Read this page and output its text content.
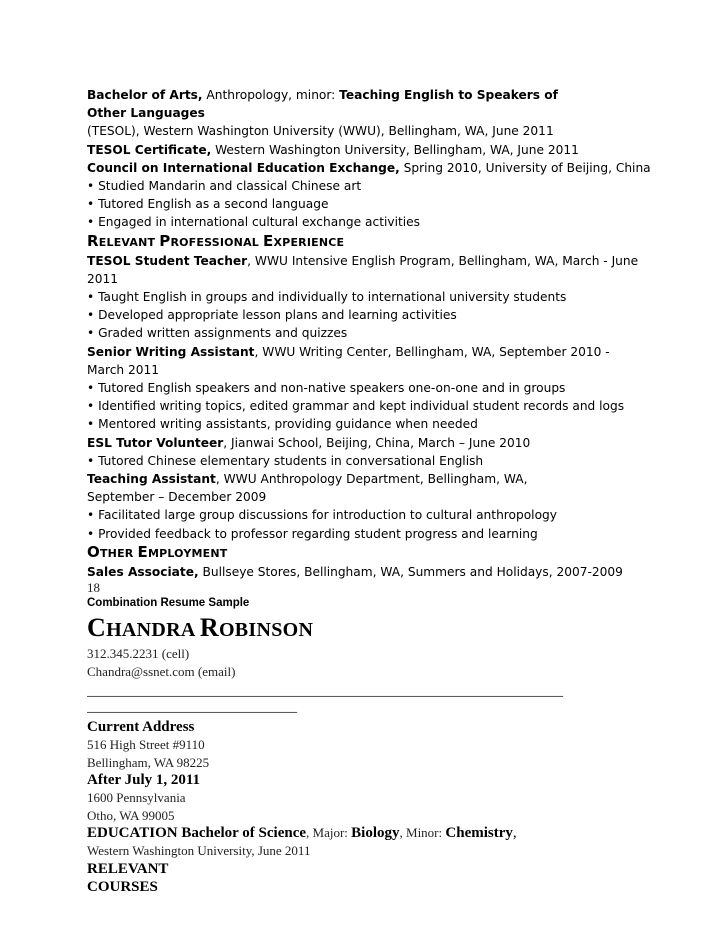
Bachelor of Arts, Anthropology, minor: Teaching English to Speakers of Other Languages
(TESOL), Western Washington University (WWU), Bellingham, WA, June 2011
TESOL Certificate, Western Washington University, Bellingham, WA, June 2011
Council on International Education Exchange, Spring 2010, University of Beijing, China
• Studied Mandarin and classical Chinese art
• Tutored English as a second language
• Engaged in international cultural exchange activities
RELEVANT PROFESSIONAL EXPERIENCE
TESOL Student Teacher, WWU Intensive English Program, Bellingham, WA, March - June 2011
• Taught English in groups and individually to international university students
• Developed appropriate lesson plans and learning activities
• Graded written assignments and quizzes
Senior Writing Assistant, WWU Writing Center, Bellingham, WA, September 2010 - March 2011
• Tutored English speakers and non-native speakers one-on-one and in groups
• Identified writing topics, edited grammar and kept individual student records and logs
• Mentored writing assistants, providing guidance when needed
ESL Tutor Volunteer, Jianwai School, Beijing, China, March – June 2010
• Tutored Chinese elementary students in conversational English
Teaching Assistant, WWU Anthropology Department, Bellingham, WA, September – December 2009
• Facilitated large group discussions for introduction to cultural anthropology
• Provided feedback to professor regarding student progress and learning
OTHER EMPLOYMENT
Sales Associate, Bullseye Stores, Bellingham, WA, Summers and Holidays, 2007-2009
18
Combination Resume Sample
CHANDRA ROBINSON
312.345.2231 (cell)
Chandra@ssnet.com (email)
____________________________________________________________________
______________________________
Current Address
516 High Street #9110
Bellingham, WA 98225
After July 1, 2011
1600 Pennsylvania
Otho, WA 99005
EDUCATION Bachelor of Science, Major: Biology, Minor: Chemistry,
Western Washington University, June 2011
RELEVANT
COURSES
